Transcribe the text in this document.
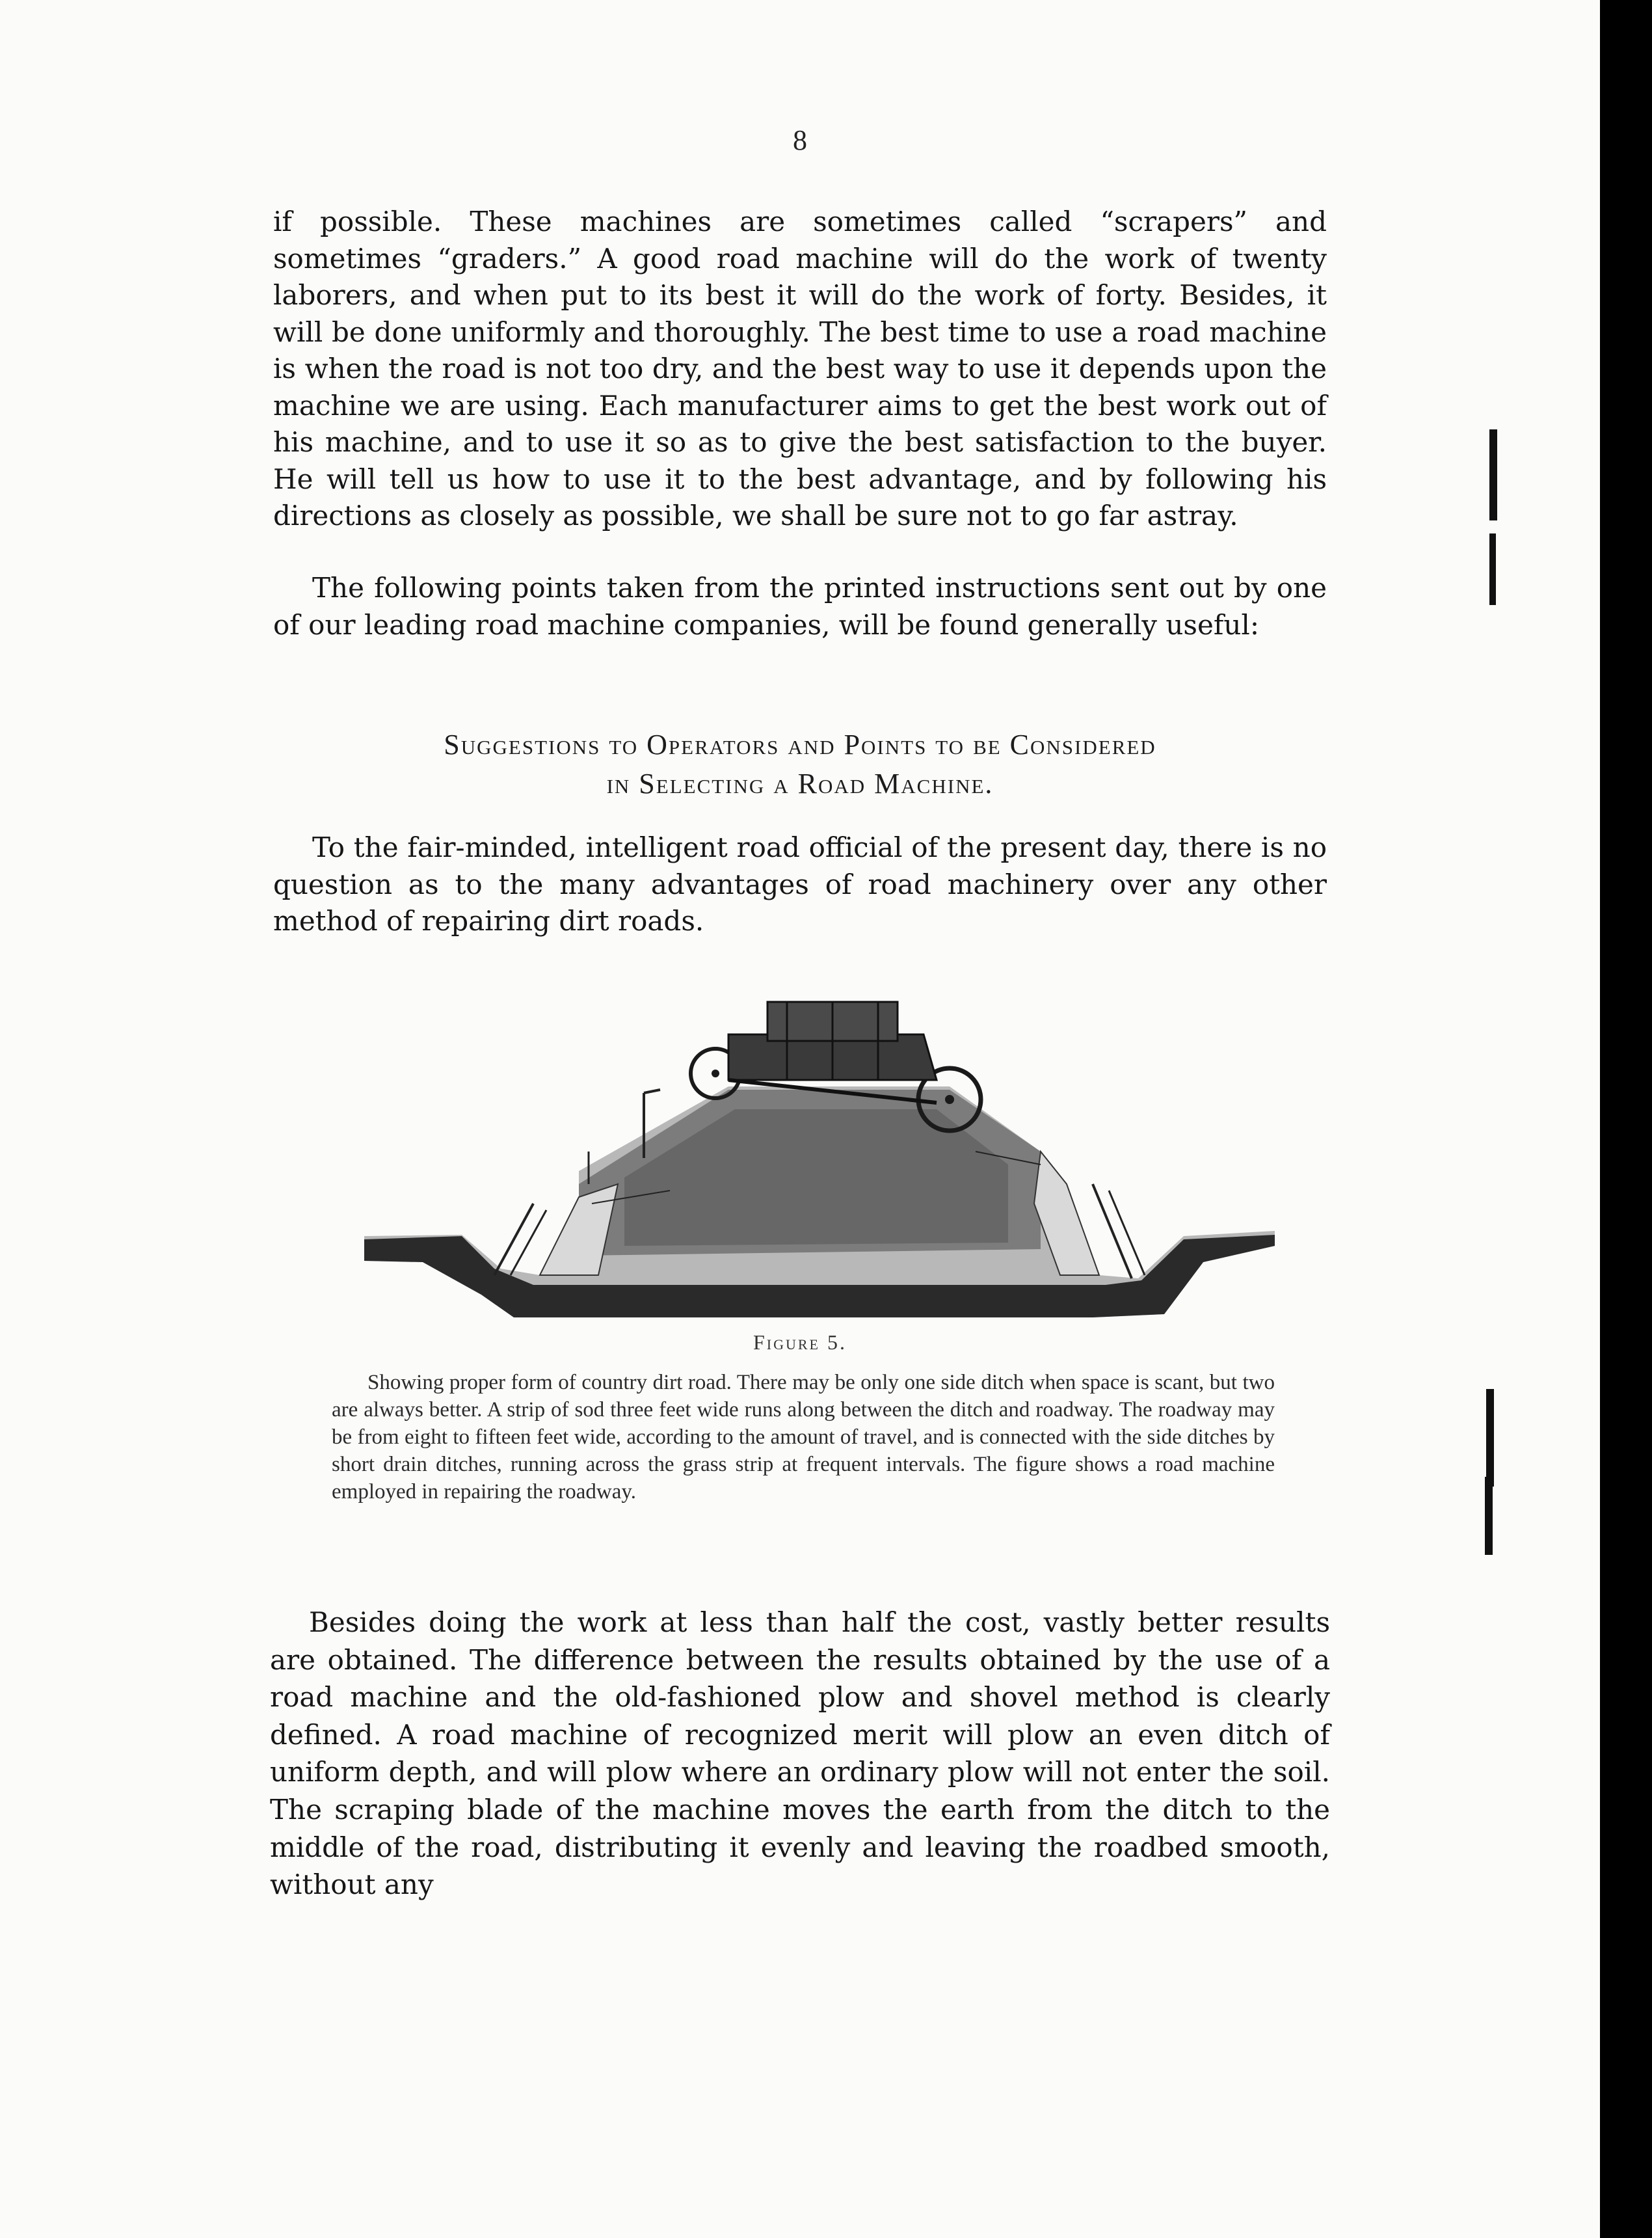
8

if possible. These machines are sometimes called “scrapers” and sometimes “graders.” A good road machine will do the work of twenty laborers, and when put to its best it will do the work of forty. Besides, it will be done uniformly and thoroughly. The best time to use a road machine is when the road is not too dry, and the best way to use it depends upon the machine we are using. Each manufacturer aims to get the best work out of his machine, and to use it so as to give the best satisfaction to the buyer. He will tell us how to use it to the best advantage, and by following his directions as closely as possible, we shall be sure not to go far astray.

The following points taken from the printed instructions sent out by one of our leading road machine companies, will be found generally useful:

Suggestions to Operators and Points to be Considered
in Selecting a Road Machine.

To the fair-minded, intelligent road official of the present day, there is no question as to the many advantages of road machinery over any other method of repairing dirt roads.

Figure 5.

Showing proper form of country dirt road. There may be only one side ditch when space is scant, but two are always better. A strip of sod three feet wide runs along between the ditch and roadway. The roadway may be from eight to fifteen feet wide, according to the amount of travel, and is connected with the side ditches by short drain ditches, running across the grass strip at frequent intervals. The figure shows a road machine employed in repairing the roadway.

Besides doing the work at less than half the cost, vastly better results are obtained. The difference between the results obtained by the use of a road machine and the old-fashioned plow and shovel method is clearly defined. A road machine of recognized merit will plow an even ditch of uniform depth, and will plow where an ordinary plow will not enter the soil. The scraping blade of the machine moves the earth from the ditch to the middle of the road, distributing it evenly and leaving the roadbed smooth, without any
